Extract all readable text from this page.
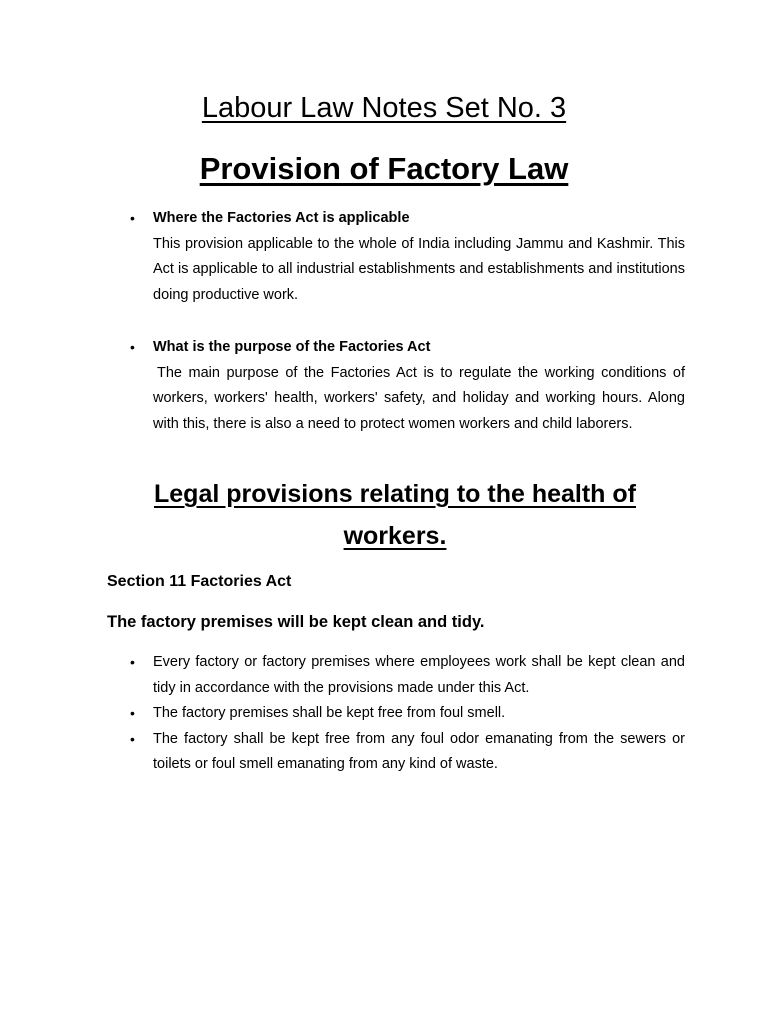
Labour Law Notes Set No. 3
Provision of Factory Law
• Where the Factories Act is applicable
This provision applicable to the whole of India including Jammu and Kashmir. This Act is applicable to all industrial establishments and establishments and institutions doing productive work.
• What is the purpose of the Factories Act
The main purpose of the Factories Act is to regulate the working conditions of workers, workers' health, workers' safety, and holiday and working hours. Along with this, there is also a need to protect women workers and child laborers.
Legal provisions relating to the health of workers.
Section 11 Factories Act
The factory premises will be kept clean and tidy.
• Every factory or factory premises where employees work shall be kept clean and tidy in accordance with the provisions made under this Act.
• The factory premises shall be kept free from foul smell.
• The factory shall be kept free from any foul odor emanating from the sewers or toilets or foul smell emanating from any kind of waste.
